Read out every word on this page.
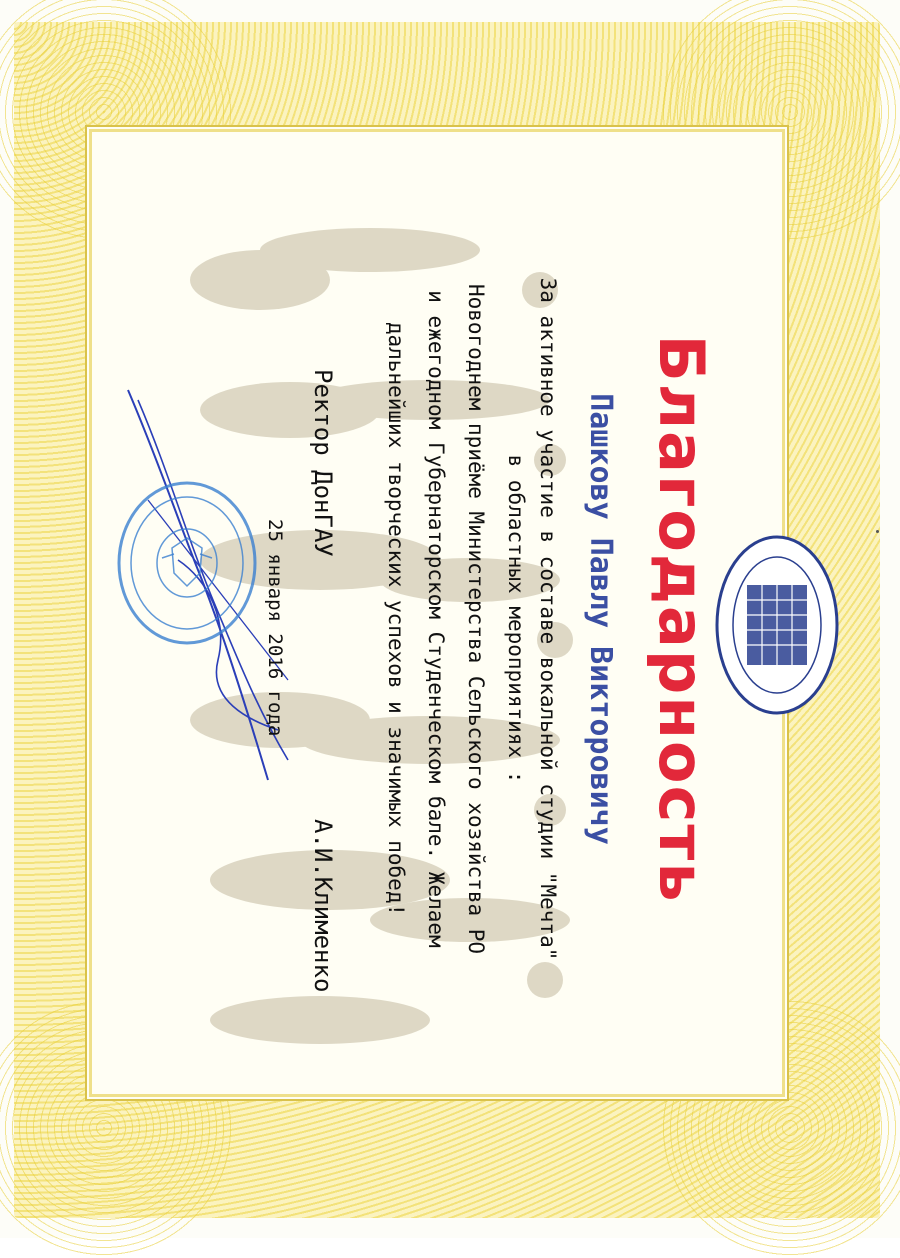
Благодарность
Пашкову Павлу Викторовичу
За активное участие в составе вокальной студии "Мечта"
в областных мероприятиях :
Новогоднем приёме Министерства Сельского хозяйства РО
и ежегодном Губернаторском Студенческом бале. Желаем
дальнейших творческих успехов и значимых побед!
Ректор ДонГАУ
А.И.Клименко
25 января 2016 года
